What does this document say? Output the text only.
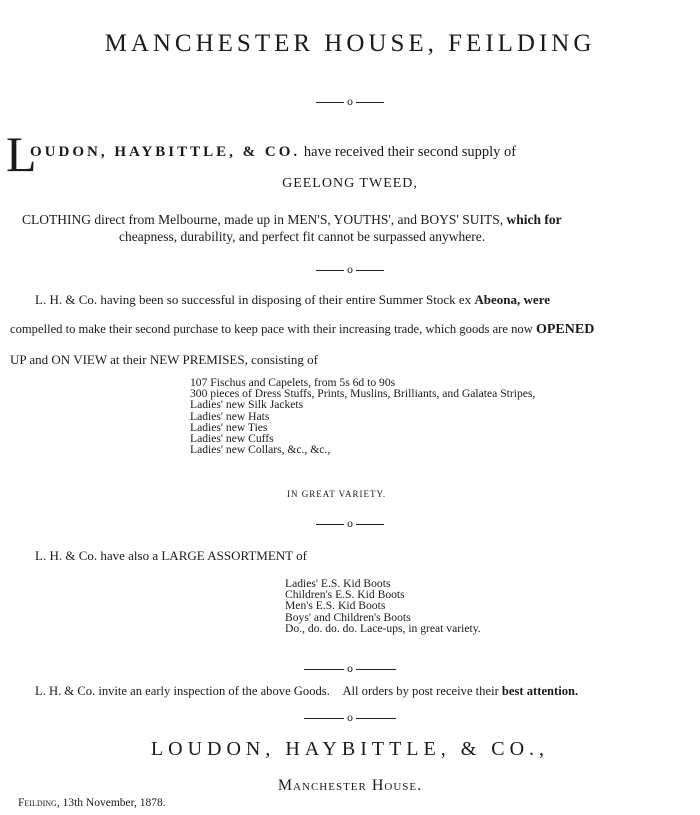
MANCHESTER HOUSE, FEILDING
o
L
OUDON, HAYBITTLE, & CO. have received their second supply of
GEELONG TWEED,
CLOTHING direct from Melbourne, made up in MEN'S, YOUTHS', and BOYS' SUITS, which for
cheapness, durability, and perfect fit cannot be surpassed anywhere.
o
L. H. & Co. having been so successful in disposing of their entire Summer Stock ex Abeona, were
compelled to make their second purchase to keep pace with their increasing trade, which goods are now OPENED
UP and ON VIEW at their NEW PREMISES, consisting of
107 Fischus and Capelets, from 5s 6d to 90s
300 pieces of Dress Stuffs, Prints, Muslins, Brilliants, and Galatea Stripes,
Ladies' new Silk Jackets
Ladies' new Hats
Ladies' new Ties
Ladies' new Cuffs
Ladies' new Collars, &c., &c.,
IN GREAT VARIETY.
o
L. H. & Co. have also a LARGE ASSORTMENT of
Ladies' E.S. Kid Boots
Children's E.S. Kid Boots
Men's E.S. Kid Boots
Boys' and Children's Boots
Do., do. do. do. Lace-ups, in great variety.
o
L. H. & Co. invite an early inspection of the above Goods. All orders by post receive their best attention.
o
LOUDON, HAYBITTLE, & CO.,
Manchester House.
Feilding, 13th November, 1878.
